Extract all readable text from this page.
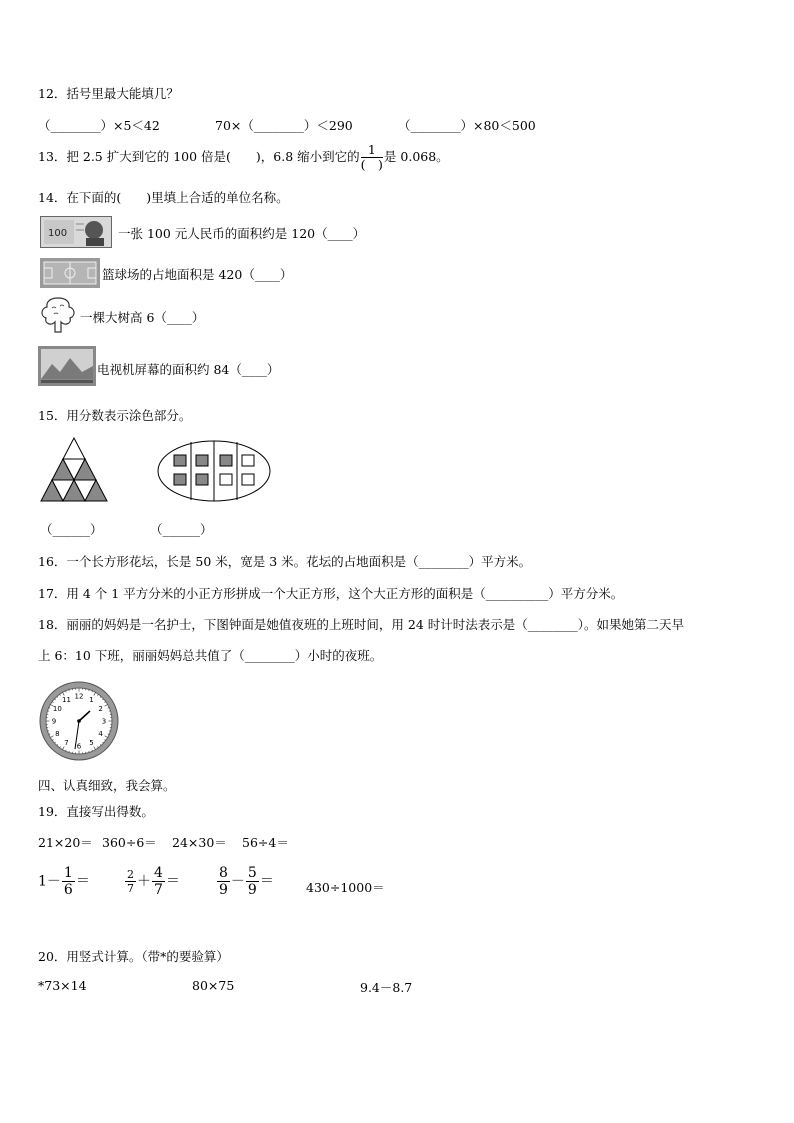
12．括号里最大能填几？
（________）×5＜42	70×（________）＜290	（________）×80＜500
13．把 2.5 扩大到它的 100 倍是(　　)，6.8 缩小到它的 $\frac{1}{( )}$ 是 0.068。
14．在下面的(　　)里填上合适的单位名称。
100	一张 100 元人民币的面积约是 120（____）
篮球场的占地面积是 420（____）
一棵大树高 6（____）
电视机屏幕的面积约 84（____）
15．用分数表示涂色部分。
（______）	（______）
16．一个长方形花坛，长是 50 米，宽是 3 米。花坛的占地面积是（________）平方米。
17．用 4 个 1 平方分米的小正方形拼成一个大正方形，这个大正方形的面积是（__________）平方分米。
18．丽丽的妈妈是一名护士，下图钟面是她值夜班的上班时间，用 24 时计时法表示是（________）。如果她第二天早
上 6：10 下班，丽丽妈妈总共值了（________）小时的夜班。
12 1
2
3
4
5
6
7
8
9
10
11
四、认真细致，我会算。
19．直接写出得数。
21×20＝ 360÷6＝ 24×30＝ 56÷4＝
$1- \frac{1}{6}$ ＝	$\frac{2}{7} + \frac{4}{7}$ ＝	$\frac{8}{9} - \frac{5}{9}$ ＝	430÷1000＝
20．用竖式计算。（带*的要验算）
*73×14	80×75	9.4－8.7
